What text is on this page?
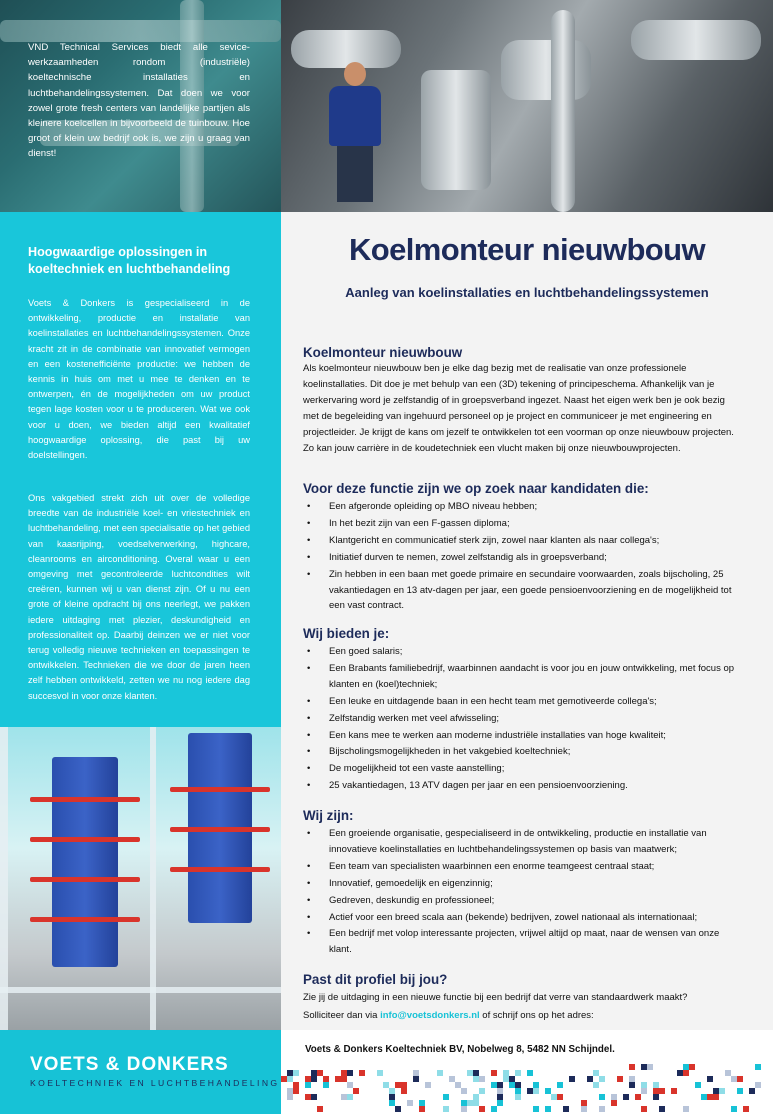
VND Technical Services biedt alle sevice-werkzaamheden rondom (industriële) koeltechnische installaties en luchtbehandelingssystemen. Dat doen we voor zowel grote fresh centers van landelijke partijen als kleinere koelcellen in bijvoorbeeld de tuinbouw. Hoe groot of klein uw bedrijf ook is, we zijn u graag van dienst!
Hoogwaardige oplossingen in koeltechniek en luchtbehandeling
Voets & Donkers is gespecialiseerd in de ontwikkeling, productie en installatie van koelinstallaties en luchtbehandelingssystemen. Onze kracht zit in de combinatie van innovatief vermogen en een kostenefficiënte productie: we hebben de kennis in huis om met u mee te denken en te ontwerpen, én de mogelijkheden om uw product tegen lage kosten voor u te produceren. Wat we ook voor u doen, we bieden altijd een kwalitatief hoogwaardige oplossing, die past bij uw doelstellingen.
Ons vakgebied strekt zich uit over de volledige breedte van de industriële koel- en vriestechniek en luchtbehandeling, met een specialisatie op het gebied van kaasrijping, voedselverwerking, highcare, cleanrooms en airconditioning. Overal waar u een omgeving met gecontroleerde luchtcondities wilt creëren, kunnen wij u van dienst zijn. Of u nu een grote of kleine opdracht bij ons neerlegt, we pakken iedere uitdaging met plezier, deskundigheid en professionaliteit op. Daarbij deinzen we er niet voor terug volledig nieuwe technieken en toepassingen te ontwikkelen. Technieken die we door de jaren heen zelf hebben ontwikkeld, zetten we nu nog iedere dag succesvol in voor onze klanten.
VOETS & DONKERS
KOELTECHNIEK EN LUCHTBEHANDELING
Koelmonteur nieuwbouw
Aanleg van koelinstallaties en luchtbehandelingssystemen
Koelmonteur nieuwbouw
Als koelmonteur nieuwbouw ben je elke dag bezig met de realisatie van onze professionele koelinstallaties. Dit doe je met behulp van een (3D) tekening of principeschema. Afhankelijk van je werkervaring word je zelfstandig of in groepsverband ingezet. Naast het eigen werk ben je ook bezig met de begeleiding van ingehuurd personeel op je project en communiceer je met engineering en projectleider. Je krijgt de kans om jezelf te ontwikkelen tot een voorman op onze nieuwbouw projecten. Zo kan jouw carrière in de koudetechniek een vlucht maken bij onze nieuwbouwprojecten.
Voor deze functie zijn we op zoek naar kandidaten die:
• Een afgeronde opleiding op MBO niveau hebben;
• In het bezit zijn van een F-gassen diploma;
• Klantgericht en communicatief sterk zijn, zowel naar klanten als naar collega's;
• Initiatief durven te nemen, zowel zelfstandig als in groepsverband;
• Zin hebben in een baan met goede primaire en secundaire voorwaarden, zoals bijscholing, 25 vakantiedagen en 13 atv-dagen per jaar, een goede pensioenvoorziening en de mogelijkheid tot een vast contract.
Wij bieden je:
• Een goed salaris;
• Een Brabants familiebedrijf, waarbinnen aandacht is voor jou en jouw ontwikkeling, met focus op klanten en (koel)techniek;
• Een leuke en uitdagende baan in een hecht team met gemotiveerde collega's;
• Zelfstandig werken met veel afwisseling;
• Een kans mee te werken aan moderne industriële installaties van hoge kwaliteit;
• Bijscholingsmogelijkheden in het vakgebied koeltechniek;
• De mogelijkheid tot een vaste aanstelling;
• 25 vakantiedagen, 13 ATV dagen per jaar en een pensioenvoorziening.
Wij zijn:
• Een groeiende organisatie, gespecialiseerd in de ontwikkeling, productie en installatie van innovatieve koelinstallaties en luchtbehandelingssystemen op basis van maatwerk;
• Een team van specialisten waarbinnen een enorme teamgeest centraal staat;
• Innovatief, gemoedelijk en eigenzinnig;
• Gedreven, deskundig en professioneel;
• Actief voor een breed scala aan (bekende) bedrijven, zowel nationaal als internationaal;
• Een bedrijf met volop interessante projecten, vrijwel altijd op maat, naar de wensen van onze klant.
Past dit profiel bij jou?
Zie jij de uitdaging in een nieuwe functie bij een bedrijf dat verre van standaardwerk maakt?
Solliciteer dan via info@voetsdonkers.nl of schrijf ons op het adres:
Voets & Donkers Koeltechniek BV, Nobelweg 8, 5482 NN Schijndel.
